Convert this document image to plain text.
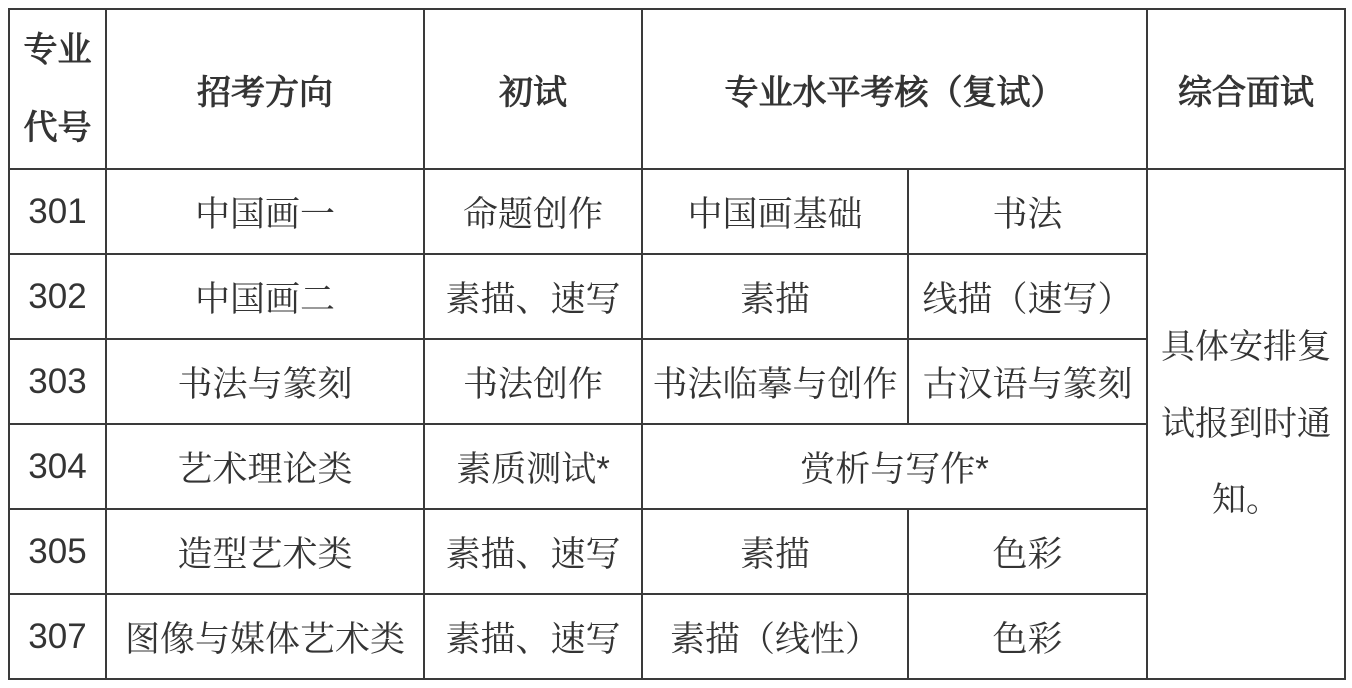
专业代号	招考方向	初试	专业水平考核（复试）		综合面试
301	中国画一	命题创作	中国画基础	书法	具体安排复试报到时通知。
302	中国画二	素描、速写	素描	线描（速写）	
303	书法与篆刻	书法创作	书法临摹与创作	古汉语与篆刻	
304	艺术理论类	素质测试*	赏析与写作*		
305	造型艺术类	素描、速写	素描	色彩	
307	图像与媒体艺术类	素描、速写	素描（线性）	色彩	
